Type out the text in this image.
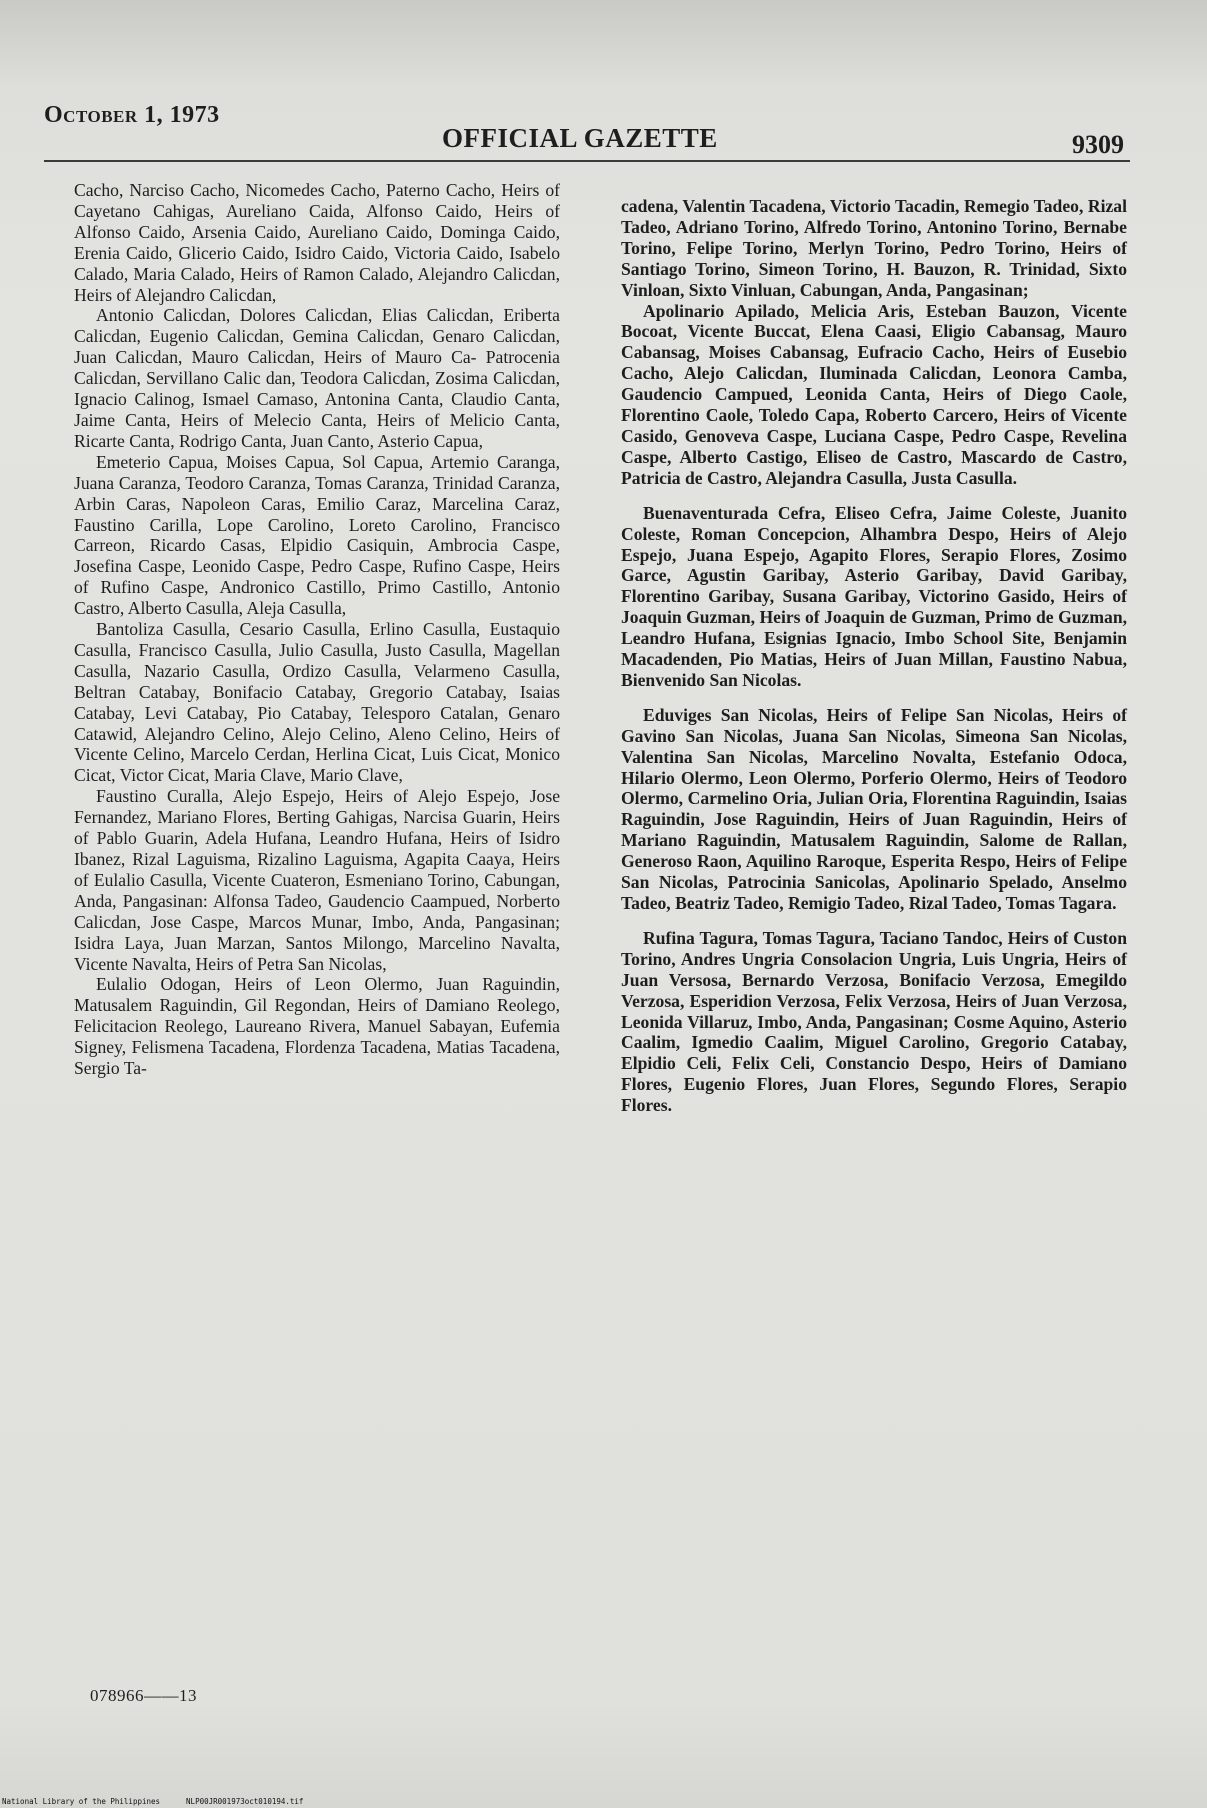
October 1, 1973
OFFICIAL GAZETTE	9309

Cacho, Narciso Cacho, Nicomedes Cacho, Paterno Cacho, Heirs of Cayetano Cahigas, Aureliano Caida, Alfonso Caido, Heirs of Alfonso Caido, Arsenia Caido, Aureliano Caido, Dominga Caido, Erenia Caido, Glicerio Caido, Isidro Caido, Victoria Caido, Isabelo Calado, Maria Calado, Heirs of Ramon Calado, Alejandro Calicdan, Heirs of Alejandro Calicdan,

Antonio Calicdan, Dolores Calicdan, Elias Calicdan, Eriberta Calicdan, Eugenio Calicdan, Gemina Calicdan, Genaro Calicdan, Juan Calicdan, Mauro Calicdan, Heirs of Mauro Ca- Patrocenia Calicdan, Servillano Calic dan, Teodora Calicdan, Zosima Calicdan, Ignacio Calinog, Ismael Camaso, Antonina Canta, Claudio Canta, Jaime Canta, Heirs of Melecio Canta, Heirs of Melicio Canta, Ricarte Canta, Rodrigo Canta, Juan Canto, Asterio Capua,

Emeterio Capua, Moises Capua, Sol Capua, Artemio Caranga, Juana Caranza, Teodoro Caranza, Tomas Caranza, Trinidad Caranza, Arbin Caras, Napoleon Caras, Emilio Caraz, Marcelina Caraz, Faustino Carilla, Lope Carolino, Loreto Carolino, Francisco Carreon, Ricardo Casas, Elpidio Casiquin, Ambrocia Caspe, Josefina Caspe, Leonido Caspe, Pedro Caspe, Rufino Caspe, Heirs of Rufino Caspe, Andronico Castillo, Primo Castillo, Antonio Castro, Alberto Casulla, Aleja Casulla,

Bantoliza Casulla, Cesario Casulla, Erlino Casulla, Eustaquio Casulla, Francisco Casulla, Julio Casulla, Justo Casulla, Magellan Casulla, Nazario Casulla, Ordizo Casulla, Velarmeno Casulla, Beltran Catabay, Bonifacio Catabay, Gregorio Catabay, Isaias Catabay, Levi Catabay, Pio Catabay, Telesporo Catalan, Genaro Catawid, Alejandro Celino, Alejo Celino, Aleno Celino, Heirs of Vicente Celino, Marcelo Cerdan, Herlina Cicat, Luis Cicat, Monico Cicat, Victor Cicat, Maria Clave, Mario Clave,

Faustino Curalla, Alejo Espejo, Heirs of Alejo Espejo, Jose Fernandez, Mariano Flores, Berting Gahigas, Narcisa Guarin, Heirs of Pablo Guarin, Adela Hufana, Leandro Hufana, Heirs of Isidro Ibanez, Rizal Laguisma, Rizalino Laguisma, Agapita Caaya, Heirs of Eulalio Casulla, Vicente Cuateron, Esmeniano Torino, Cabungan, Anda, Pangasinan: Alfonsa Tadeo, Gaudencio Caampued, Norberto Calicdan, Jose Caspe, Marcos Munar, Imbo, Anda, Pangasinan; Isidra Laya, Juan Marzan, Santos Milongo, Marcelino Navalta, Vicente Navalta, Heirs of Petra San Nicolas,

Eulalio Odogan, Heirs of Leon Olermo, Juan Raguindin, Matusalem Raguindin, Gil Regondan, Heirs of Damiano Reolego, Felicitacion Reolego, Laureano Rivera, Manuel Sabayan, Eufemia Signey, Felismena Tacadena, Flordenza Tacadena, Matias Tacadena, Sergio Ta-

cadena, Valentin Tacadena, Victorio Tacadin, Remegio Tadeo, Rizal Tadeo, Adriano Torino, Alfredo Torino, Antonino Torino, Bernabe Torino, Felipe Torino, Merlyn Torino, Pedro Torino, Heirs of Santiago Torino, Simeon Torino, H. Bauzon, R. Trinidad, Sixto Vinloan, Sixto Vinluan, Cabungan, Anda, Pangasinan;

Apolinario Apilado, Melicia Aris, Esteban Bauzon, Vicente Bocoat, Vicente Buccat, Elena Caasi, Eligio Cabansag, Mauro Cabansag, Moises Cabansag, Eufracio Cacho, Heirs of Eusebio Cacho, Alejo Calicdan, Iluminada Calicdan, Leonora Camba, Gaudencio Campued, Leonida Canta, Heirs of Diego Caole, Florentino Caole, Toledo Capa, Roberto Carcero, Heirs of Vicente Casido, Genoveva Caspe, Luciana Caspe, Pedro Caspe, Revelina Caspe, Alberto Castigo, Eliseo de Castro, Mascardo de Castro, Patricia de Castro, Alejandra Casulla, Justa Casulla.

Buenaventurada Cefra, Eliseo Cefra, Jaime Coleste, Juanito Coleste, Roman Concepcion, Alhambra Despo, Heirs of Alejo Espejo, Juana Espejo, Agapito Flores, Serapio Flores, Zosimo Garce, Agustin Garibay, Asterio Garibay, David Garibay, Florentino Garibay, Susana Garibay, Victorino Gasido, Heirs of Joaquin Guzman, Heirs of Joaquin de Guzman, Primo de Guzman, Leandro Hufana, Esignias Ignacio, Imbo School Site, Benjamin Macadenden, Pio Matias, Heirs of Juan Millan, Faustino Nabua, Bienvenido San Nicolas.

Eduviges San Nicolas, Heirs of Felipe San Nicolas, Heirs of Gavino San Nicolas, Juana San Nicolas, Simeona San Nicolas, Valentina San Nicolas, Marcelino Novalta, Estefanio Odoca, Hilario Olermo, Leon Olermo, Porferio Olermo, Heirs of Teodoro Olermo, Carmelino Oria, Julian Oria, Florentina Raguindin, Isaias Raguindin, Jose Raguindin, Heirs of Juan Raguindin, Heirs of Mariano Raguindin, Matusalem Raguindin, Salome de Rallan, Generoso Raon, Aquilino Raroque, Esperita Respo, Heirs of Felipe San Nicolas, Patrocinia Sanicolas, Apolinario Spelado, Anselmo Tadeo, Beatriz Tadeo, Remigio Tadeo, Rizal Tadeo, Tomas Tagara.

Rufina Tagura, Tomas Tagura, Taciano Tandoc, Heirs of Custon Torino, Andres Ungria Consolacion Ungria, Luis Ungria, Heirs of Juan Versosa, Bernardo Verzosa, Bonifacio Verzosa, Emegildo Verzosa, Esperidion Verzosa, Felix Verzosa, Heirs of Juan Verzosa, Leonida Villaruz, Imbo, Anda, Pangasinan; Cosme Aquino, Asterio Caalim, Igmedio Caalim, Miguel Carolino, Gregorio Catabay, Elpidio Celi, Felix Celi, Constancio Despo, Heirs of Damiano Flores, Eugenio Flores, Juan Flores, Segundo Flores, Serapio Flores.

078966——13
National Library of the Philippines	NLP00JR001973oct010194.tif
